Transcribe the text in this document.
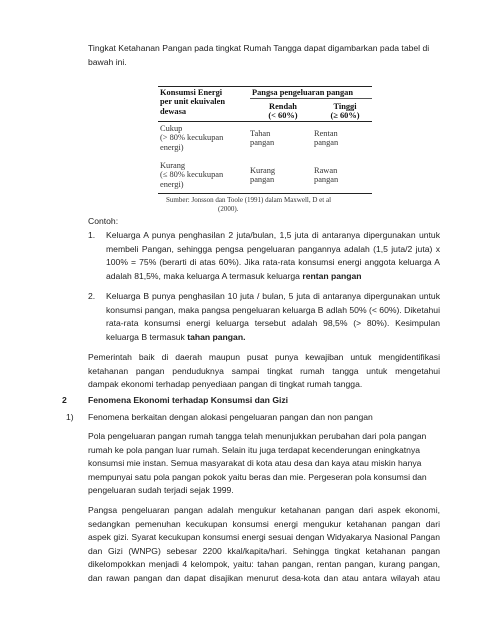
Tingkat Ketahanan Pangan pada tingkat Rumah Tangga dapat digambarkan pada tabel di bawah ini.

Konsumsi Energi
per unit ekuivalen
dewasa
Pangsa pengeluaran pangan
Rendah
(< 60%)
Tinggi
(≥ 60%)
Cukup
(> 80% kecukupan
energi)
Tahan
pangan
Rentan
pangan
Kurang
(≤ 80% kecukupan
energi)
Kurang
pangan
Rawan
pangan
Sumber: Jonsson dan Toole (1991) dalam Maxwell, D et al
(2000).

Contoh:

1. Keluarga A punya penghasilan 2 juta/bulan, 1,5 juta di antaranya dipergunakan untuk
membeli Pangan, sehingga pengsa pengeluaran pangannya adalah (1,5 juta/2 juta) x
100% = 75% (berarti di atas 60%). Jika rata-rata konsumsi energi anggota keluarga A
adalah 81,5%, maka keluarga A termasuk keluarga rentan pangan
2. Keluarga B punya penghasilan 10 juta / bulan, 5 juta di antaranya dipergunakan untuk
konsumsi pangan, maka pangsa pengeluaran keluarga B adlah 50% (< 60%). Diketahui
rata-rata konsumsi energi keluarga tersebut adalah 98,5% (> 80%). Kesimpulan
keluarga B termasuk tahan pangan.
Pemerintah baik di daerah maupun pusat punya kewajiban untuk mengidentifikasi
ketahanan pangan penduduknya sampai tingkat rumah tangga untuk mengetahui
dampak ekonomi terhadap penyediaan pangan di tingkat rumah tangga.
2 Fenomena Ekonomi terhadap Konsumsi dan Gizi
1) Fenomena berkaitan dengan alokasi pengeluaran pangan dan non pangan
Pola pengeluaran pangan rumah tangga telah menunjukkan perubahan dari pola pangan
rumah ke pola pangan luar rumah. Selain itu juga terdapat kecenderungan eningkatnya
konsumsi mie instan. Semua masyarakat di kota atau desa dan kaya atau miskin hanya
mempunyai satu pola pangan pokok yaitu beras dan mie. Pergeseran pola konsumsi dan
pengeluaran sudah terjadi sejak 1999.
Pangsa pengeluaran pangan adalah mengukur ketahanan pangan dari aspek ekonomi,
sedangkan pemenuhan kecukupan konsumsi energi mengukur ketahanan pangan dari
aspek gizi. Syarat kecukupan konsumsi energi sesuai dengan Widyakarya Nasional Pangan
dan Gizi (WNPG) sebesar 2200 kkal/kapita/hari. Sehingga tingkat ketahanan pangan
dikelompokkan menjadi 4 kelompok, yaitu: tahan pangan, rentan pangan, kurang pangan,
dan rawan pangan dan dapat disajikan menurut desa-kota dan atau antara wilayah atau
